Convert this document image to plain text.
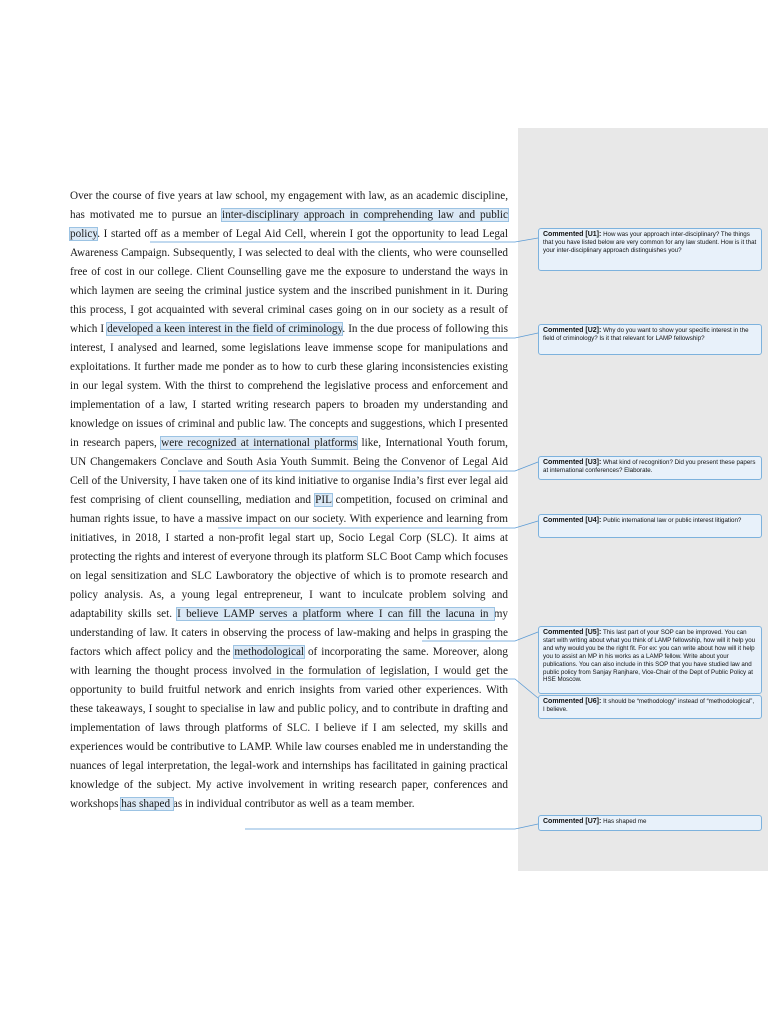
Over the course of five years at law school, my engagement with law, as an academic discipline, has motivated me to pursue an inter-disciplinary approach in comprehending law and public policy. I started off as a member of Legal Aid Cell, wherein I got the opportunity to lead Legal Awareness Campaign. Subsequently, I was selected to deal with the clients, who were counselled free of cost in our college. Client Counselling gave me the exposure to understand the ways in which laymen are seeing the criminal justice system and the inscribed punishment in it. During this process, I got acquainted with several criminal cases going on in our society as a result of which I developed a keen interest in the field of criminology. In the due process of following this interest, I analysed and learned, some legislations leave immense scope for manipulations and exploitations. It further made me ponder as to how to curb these glaring inconsistencies existing in our legal system. With the thirst to comprehend the legislative process and enforcement and implementation of a law, I started writing research papers to broaden my understanding and knowledge on issues of criminal and public law. The concepts and suggestions, which I presented in research papers, were recognized at international platforms like, International Youth forum, UN Changemakers Conclave and South Asia Youth Summit. Being the Convenor of Legal Aid Cell of the University, I have taken one of its kind initiative to organise India’s first ever legal aid fest comprising of client counselling, mediation and PIL competition, focused on criminal and human rights issue, to have a massive impact on our society. With experience and learning from initiatives, in 2018, I started a non-profit legal start up, Socio Legal Corp (SLC). It aims at protecting the rights and interest of everyone through its platform SLC Boot Camp which focuses on legal sensitization and SLC Lawboratory the objective of which is to promote research and policy analysis. As, a young legal entrepreneur, I want to inculcate problem solving and adaptability skills set. I believe LAMP serves a platform where I can fill the lacuna in my understanding of law. It caters in observing the process of law-making and helps in grasping the factors which affect policy and the methodological of incorporating the same. Moreover, along with learning the thought process involved in the formulation of legislation, I would get the opportunity to build fruitful network and enrich insights from varied other experiences. With these takeaways, I sought to specialise in law and public policy, and to contribute in drafting and implementation of laws through platforms of SLC. I believe if I am selected, my skills and experiences would be contributive to LAMP. While law courses enabled me in understanding the nuances of legal interpretation, the legal-work and internships has facilitated in gaining practical knowledge of the subject. My active involvement in writing research paper, conferences and workshops has shaped as in individual contributor as well as a team member.

Commented [U1]: How was your approach inter-disciplinary? The things that you have listed below are very common for any law student. How is it that your inter-disciplinary approach distinguishes you?
Commented [U2]: Why do you want to show your specific interest in the field of criminology? Is it that relevant for LAMP fellowship?
Commented [U3]: What kind of recognition? Did you present these papers at international conferences? Elaborate.
Commented [U4]: Public international law or public interest litigation?
Commented [U5]: This last part of your SOP can be improved. You can start with writing about what you think of LAMP fellowship, how will it help you and why would you be the right fit. For ex: you can write about how will it help you to assist an MP in his works as a LAMP fellow. Write about your publications. You can also include in this SOP that you have studied law and public policy from Sanjay Ranjhare, Vice-Chair of the Dept of Public Policy at HSE Moscow.
Commented [U6]: It should be “methodology” instead of “methodological”, I believe.
Commented [U7]: Has shaped me
